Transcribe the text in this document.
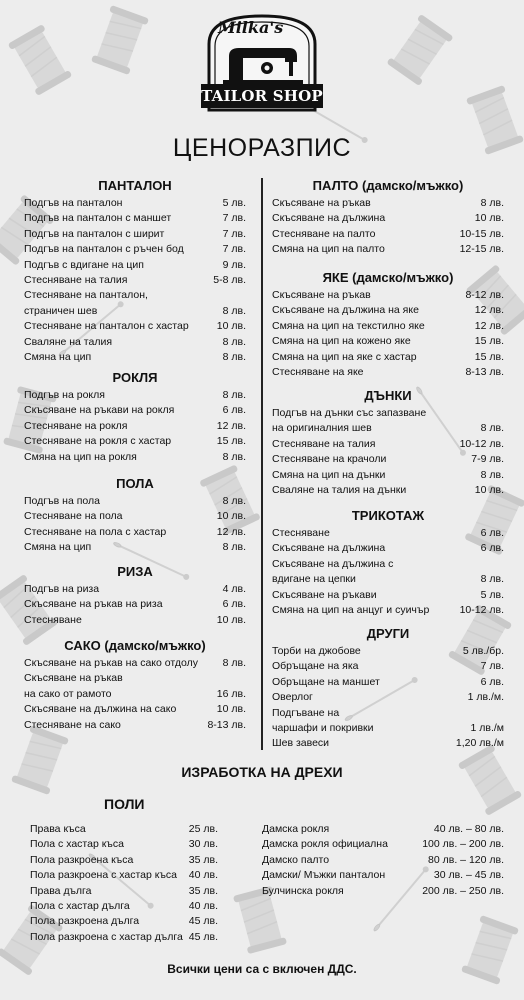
Milka's
TAILOR SHOP
ЦЕНОРАЗПИС
ПАНТАЛОН
Подгъв на панталон	5 лв.
Подгъв на панталон с маншет	7 лв.
Подгъв на панталон с ширит	7 лв.
Подгъв на панталон с ръчен бод	7 лв.
Подгъв с вдигане на цип	9 лв.
Стесняване на талия	5-8 лв.
Стесняване на панталон,
страничен шев	8 лв.
Стесняване на панталон с хастар	10 лв.
Сваляне на талия	8 лв.
Смяна на цип	8 лв.
РОКЛЯ
Подгъв на рокля	8 лв.
Скъсяване на ръкави на рокля	6 лв.
Стесняване на рокля	12 лв.
Стесняване на рокля с хастар	15 лв.
Смяна на цип на рокля	8 лв.
ПОЛА
Подгъв на пола	8 лв.
Стесняване на пола	10 лв.
Стесняване на пола с хастар	12 лв.
Смяна на цип	8 лв.
РИЗА
Подгъв на риза	4 лв.
Скъсяване на ръкав на риза	6 лв.
Стесняване	10 лв.
САКО (дамско/мъжко)
Скъсяване на ръкав на сако отдолу	8 лв.
Скъсяване на ръкав
на сако от рамото	16 лв.
Скъсяване на дължина на сако	10 лв.
Стесняване на сако	8-13 лв.
ПАЛТО (дамско/мъжко)
Скъсяване на ръкав	8 лв.
Скъсяване на дължина	10 лв.
Стесняване на палто	10-15 лв.
Смяна на цип на палто	12-15 лв.
ЯКЕ (дамско/мъжко)
Скъсяване на ръкав	8-12 лв.
Скъсяване на дължина на яке	12 лв.
Смяна на цип на текстилно яке	12 лв.
Смяна на цип на кожено яке	15 лв.
Смяна на цип на яке с хастар	15 лв.
Стесняване на яке	8-13 лв.
ДЪНКИ
Подгъв на дънки със запазване
на оригиналния шев	8 лв.
Стесняване на талия	10-12 лв.
Стесняване на крачоли	7-9 лв.
Смяна на цип на дънки	8 лв.
Сваляне на талия на дънки	10 лв.
ТРИКОТАЖ
Стесняване	6 лв.
Скъсяване на дължина	6 лв.
Скъсяване на дължина с
вдигане на цепки	8 лв.
Скъсяване на ръкави	5 лв.
Смяна на цип на анцуг и суичър	10-12 лв.
ДРУГИ
Торби на джобове	5 лв./бр.
Обръщане на яка	7 лв.
Обръщане на маншет	6 лв.
Оверлог	1 лв./м.
Подгъване на
чаршафи и покривки	1 лв./м
Шев завеси	1,20 лв./м
ИЗРАБОТКА НА ДРЕХИ
ПОЛИ
Права къса	25 лв.
Пола с хастар къса	30 лв.
Пола разкроена къса	35 лв.
Пола разкроена с хастар къса	40 лв.
Права дълга	35 лв.
Пола с хастар дълга	40 лв.
Пола разкроена дълга	45 лв.
Пола разкроена с хастар дълга 45 лв.
Дамска рокля	40 лв. – 80 лв.
Дамска рокля официална	100 лв. – 200 лв.
Дамско палто	80 лв. – 120 лв.
Дамски/ Мъжки панталон	30 лв. – 45 лв.
Булчинска рокля	200 лв. – 250 лв.
Всички цени са с включен ДДС.
